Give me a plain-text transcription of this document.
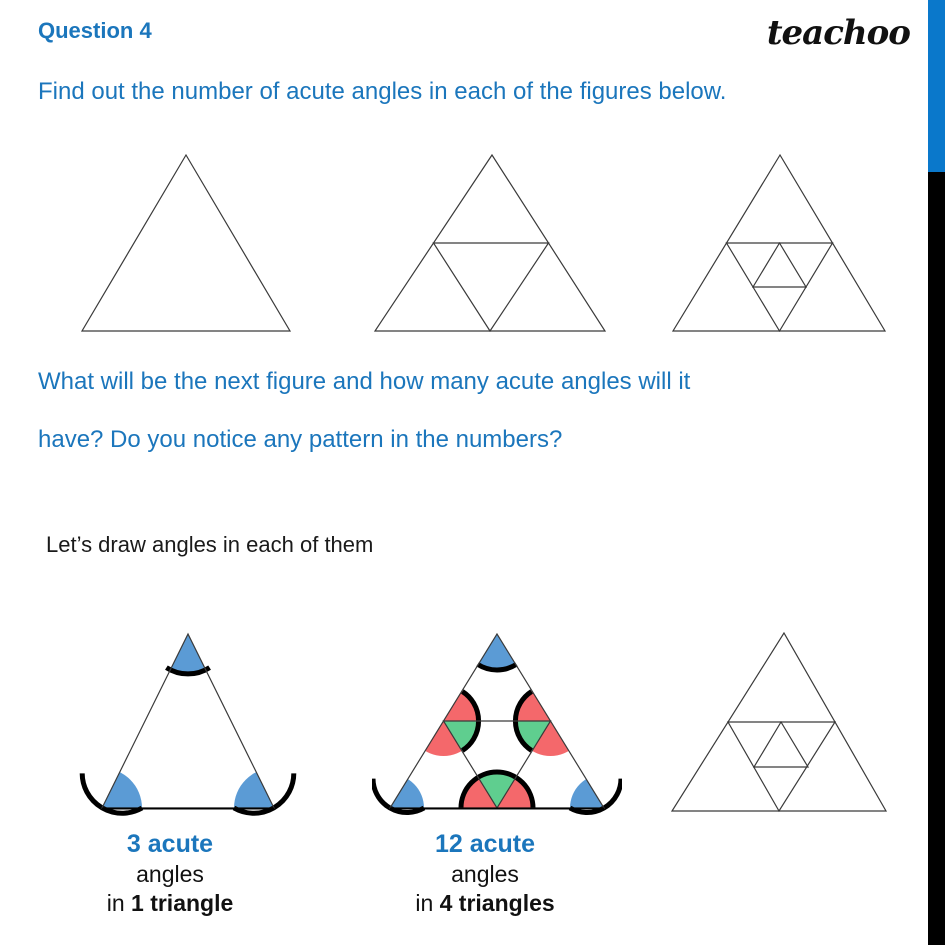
Question 4	teachoo
Find out the number of acute angles in each of the figures below.
What will be the next figure and how many acute angles will it
have? Do you notice any pattern in the numbers?
Let’s draw angles in each of them
3 acute
angles
in 1 triangle
12 acute
angles
in 4 triangles
